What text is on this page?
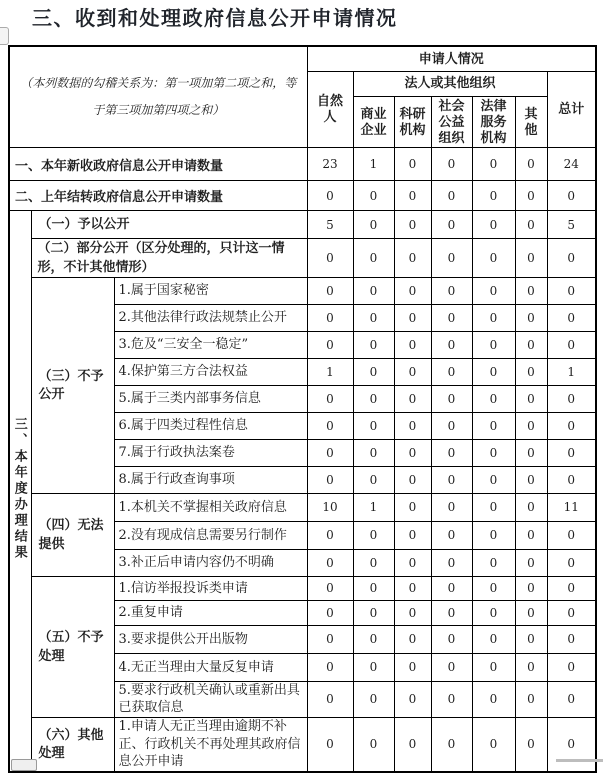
三、收到和处理政府信息公开申请情况
（本列数据的勾稽关系为：第一项加第二项之和，等于第三项加第四项之和）			申请人情况						
			自然人	法人或其他组织					总计
				商业企业	科研机构	社会公益组织	法律服务机构	其他	
一、本年新收政府信息公开申请数量			23	1	0	0	0	0	24
二、上年结转政府信息公开申请数量			0	0	0	0	0	0	0
三、本年度办理结果	（一）予以公开		5	0	0	0	0	0	5
	（二）部分公开（区分处理的，只计这一情形，不计其他情形）		0	0	0	0	0	0	0
	（三）不予公开	1.属于国家秘密	0	0	0	0	0	0	0
		2.其他法律行政法规禁止公开	0	0	0	0	0	0	0
		3.危及“三安全一稳定”	0	0	0	0	0	0	0
		4.保护第三方合法权益	1	0	0	0	0	0	1
		5.属于三类内部事务信息	0	0	0	0	0	0	0
		6.属于四类过程性信息	0	0	0	0	0	0	0
		7.属于行政执法案卷	0	0	0	0	0	0	0
		8.属于行政查询事项	0	0	0	0	0	0	0
	（四）无法提供	1.本机关不掌握相关政府信息	10	1	0	0	0	0	11
		2.没有现成信息需要另行制作	0	0	0	0	0	0	0
		3.补正后申请内容仍不明确	0	0	0	0	0	0	0
	（五）不予处理	1.信访举报投诉类申请	0	0	0	0	0	0	0
		2.重复申请	0	0	0	0	0	0	0
		3.要求提供公开出版物	0	0	0	0	0	0	0
		4.无正当理由大量反复申请	0	0	0	0	0	0	0
		5.要求行政机关确认或重新出具已获取信息	0	0	0	0	0	0	0
	（六）其他处理	1.申请人无正当理由逾期不补正、行政机关不再处理其政府信息公开申请	0	0	0	0	0	0	0
